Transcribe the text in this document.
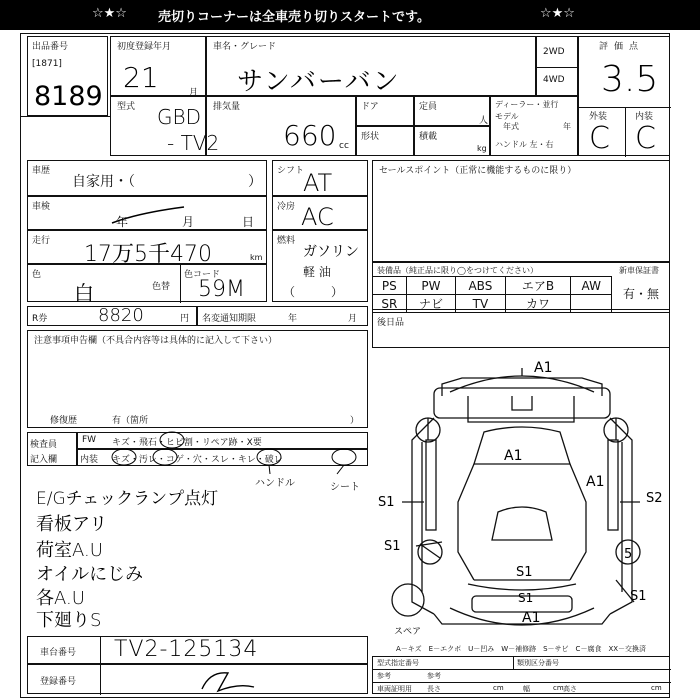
☆★☆ 売切りコーナーは全車売り切りスタートです。	☆★☆
出品番号
[1871]
8189
初度登録年月
21	月
車名・グレード
サンバーバン
2WD
4WD
評価点
3.5
外装	内装
C C
型式 GBD
- TV2
排気量
660 cc
ドア	定員
人
形状	積載
kg
ディーラー・並行
モデル
年式	年
ハンドル 左・右
車歴
自家用・（	）
車検
年	月	日
走行
17万5千470	km
色
白	色替
色コード
59M
シフト
AT
冷房 AC
燃料
ガソリン
軽 油
（　　　）
セールスポイント（正常に機能するものに限り）
装備品（純正品に限り◯をつけてください）	新車保証書
有・無
PS	PW	ABS	エアB	AW
SR	ナビ	TV	カワ	
R券	8820	円 名変通知期限	年	月 後日品
注意事項申告欄（不具合内容等は具体的に記入して下さい）
修復歴	有（箇所	）
検査員
記入欄
FW キズ・飛石・ヒビ割・リペア跡・X要
内装 キズ・汚レ・コゲ・穴・スレ・キレ・破レ
ハンドル	シート
E/Gチェックランプ点灯
看板アリ
荷室A.U
オイルにじみ
各A.U
下廻りS
車台番号 TV2-125134
登録番号
A1
A1
A1
A1
S1	S2
S1
S1
S1
5
スペア
S1
A－キズ　E－エクボ　U－凹み　W－補修跡　S－サビ　C－腐食　XX－交換済
型式指定番号
参考
類別区分番号
車両証明用 長さ
参考
幅
cm	高さ
cm	cm
